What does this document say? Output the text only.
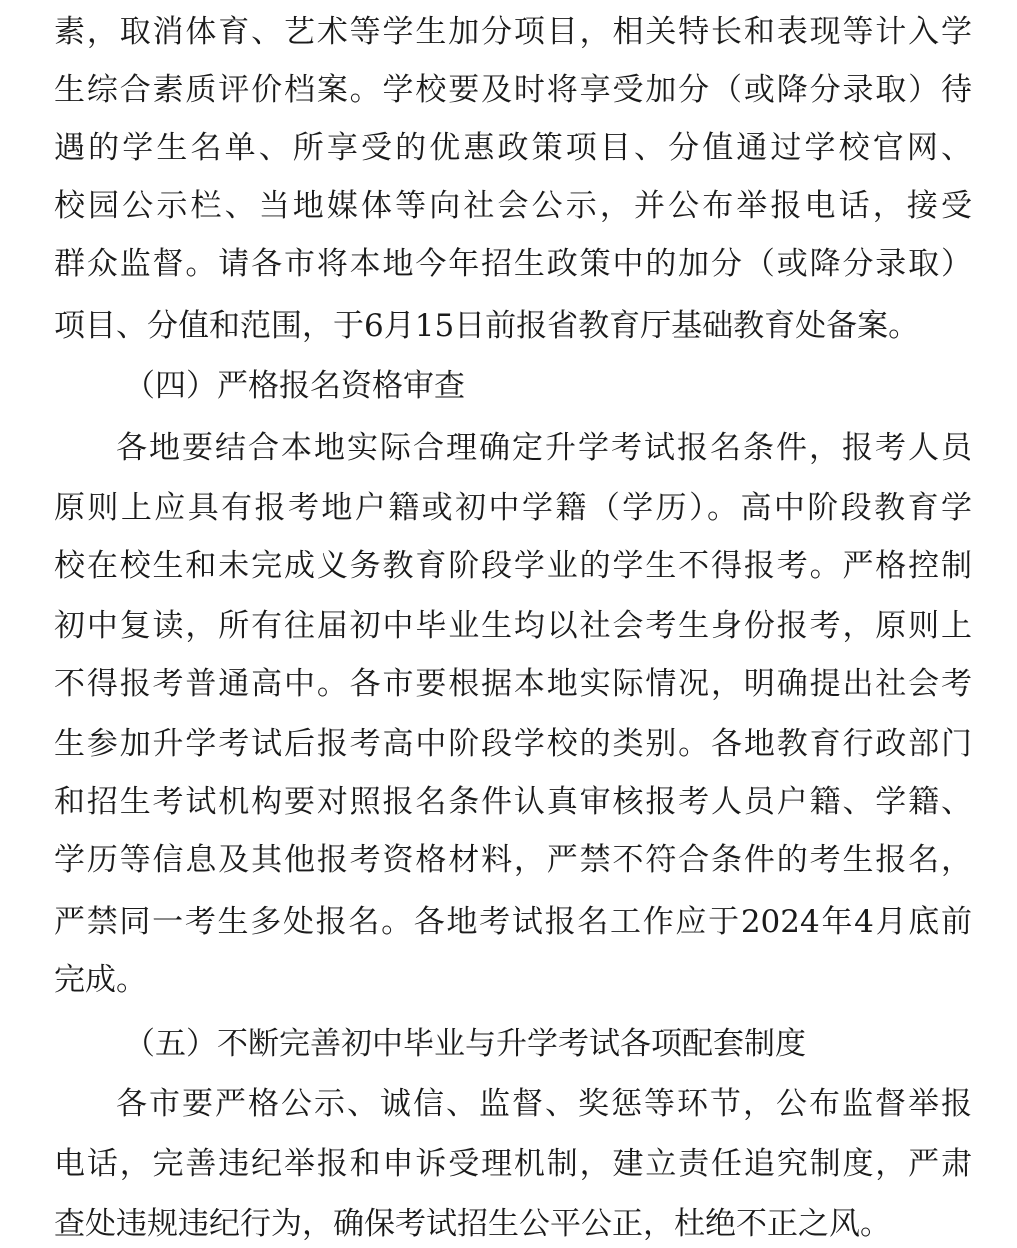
素，取消体育、艺术等学生加分项目，相关特长和表现等计入学
生综合素质评价档案。学校要及时将享受加分（或降分录取）待
遇的学生名单、所享受的优惠政策项目、分值通过学校官网、
校园公示栏、当地媒体等向社会公示，并公布举报电话，接受
群众监督。请各市将本地今年招生政策中的加分（或降分录取）
项目、分值和范围，于6月15日前报省教育厅基础教育处备案。
（四）严格报名资格审查
各地要结合本地实际合理确定升学考试报名条件，报考人员
原则上应具有报考地户籍或初中学籍（学历）。高中阶段教育学
校在校生和未完成义务教育阶段学业的学生不得报考。严格控制
初中复读，所有往届初中毕业生均以社会考生身份报考，原则上
不得报考普通高中。各市要根据本地实际情况，明确提出社会考
生参加升学考试后报考高中阶段学校的类别。各地教育行政部门
和招生考试机构要对照报名条件认真审核报考人员户籍、学籍、
学历等信息及其他报考资格材料，严禁不符合条件的考生报名，
严禁同一考生多处报名。各地考试报名工作应于2024年4月底前
完成。
（五）不断完善初中毕业与升学考试各项配套制度
各市要严格公示、诚信、监督、奖惩等环节，公布监督举报
电话，完善违纪举报和申诉受理机制，建立责任追究制度，严肃
查处违规违纪行为，确保考试招生公平公正，杜绝不正之风。
